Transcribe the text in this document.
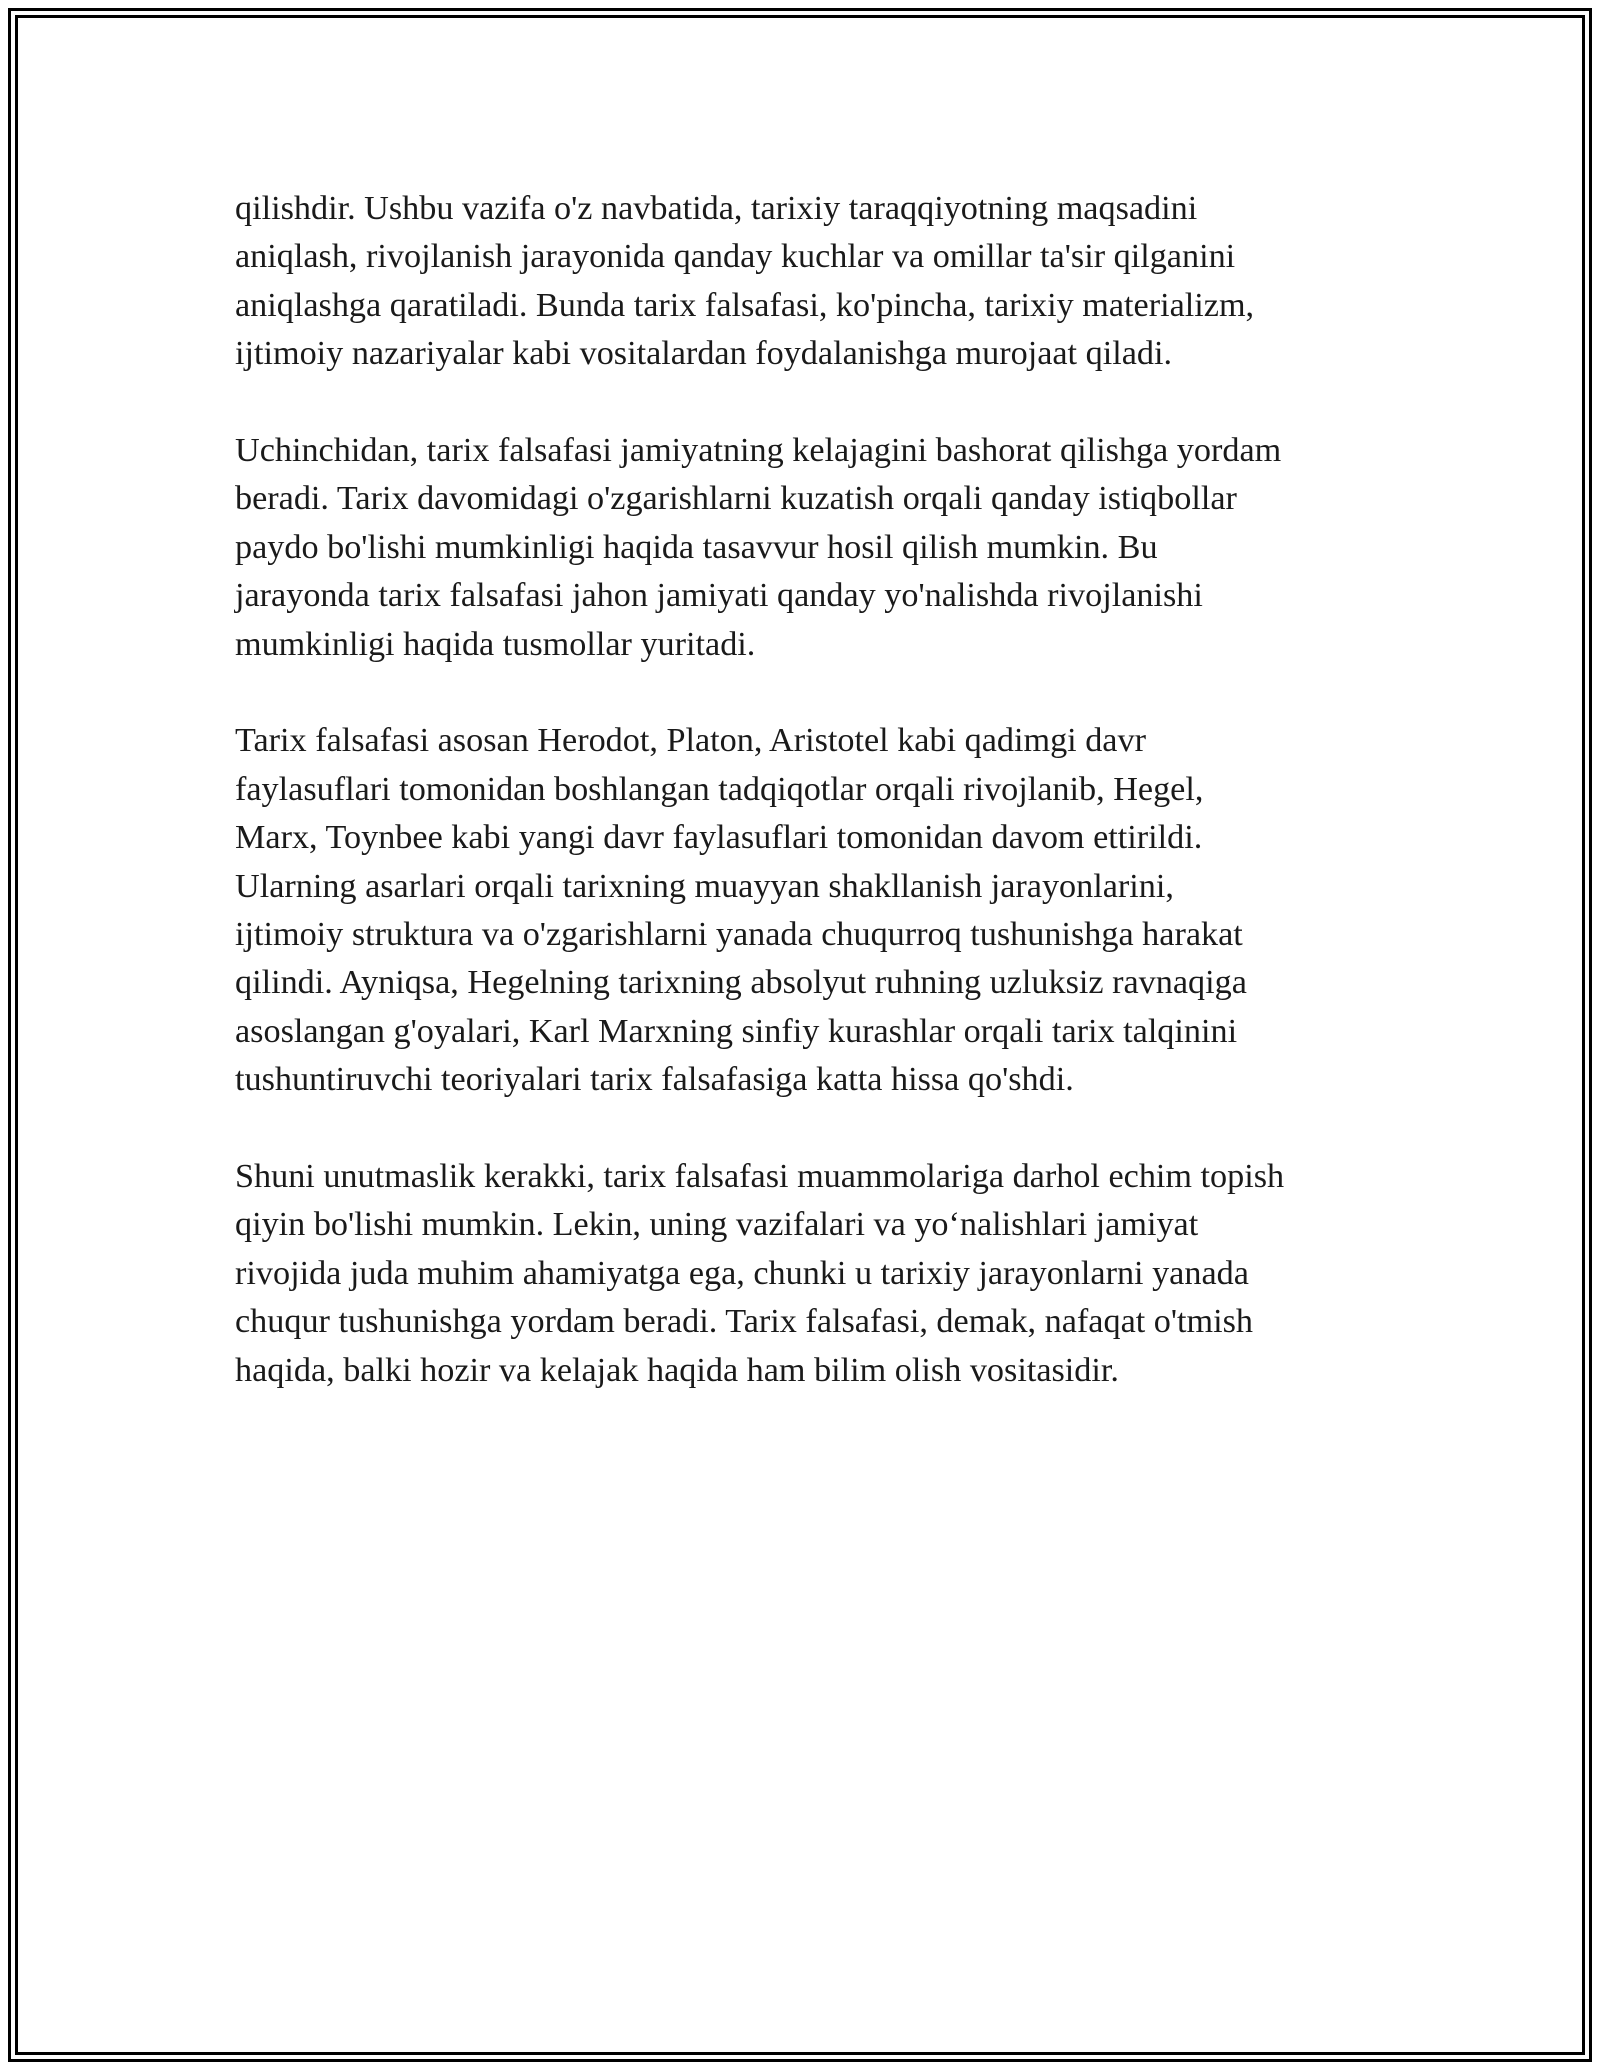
qilishdir. Ushbu vazifa o'z navbatida, tarixiy taraqqiyotning maqsadini
aniqlash, rivojlanish jarayonida qanday kuchlar va omillar ta'sir qilganini
aniqlashga qaratiladi. Bunda tarix falsafasi, ko'pincha, tarixiy materializm,
ijtimoiy nazariyalar kabi vositalardan foydalanishga murojaat qiladi.

Uchinchidan, tarix falsafasi jamiyatning kelajagini bashorat qilishga yordam
beradi. Tarix davomidagi o'zgarishlarni kuzatish orqali qanday istiqbollar
paydo bo'lishi mumkinligi haqida tasavvur hosil qilish mumkin. Bu
jarayonda tarix falsafasi jahon jamiyati qanday yo'nalishda rivojlanishi
mumkinligi haqida tusmollar yuritadi.

Tarix falsafasi asosan Herodot, Platon, Aristotel kabi qadimgi davr
faylasuflari tomonidan boshlangan tadqiqotlar orqali rivojlanib, Hegel,
Marx, Toynbee kabi yangi davr faylasuflari tomonidan davom ettirildi.
Ularning asarlari orqali tarixning muayyan shakllanish jarayonlarini,
ijtimoiy struktura va o'zgarishlarni yanada chuqurroq tushunishga harakat
qilindi. Ayniqsa, Hegelning tarixning absolyut ruhning uzluksiz ravnaqiga
asoslangan g'oyalari, Karl Marxning sinfiy kurashlar orqali tarix talqinini
tushuntiruvchi teoriyalari tarix falsafasiga katta hissa qo'shdi.

Shuni unutmaslik kerakki, tarix falsafasi muammolariga darhol echim topish
qiyin bo'lishi mumkin. Lekin, uning vazifalari va yo‘nalishlari jamiyat
rivojida juda muhim ahamiyatga ega, chunki u tarixiy jarayonlarni yanada
chuqur tushunishga yordam beradi. Tarix falsafasi, demak, nafaqat o'tmish
haqida, balki hozir va kelajak haqida ham bilim olish vositasidir.
